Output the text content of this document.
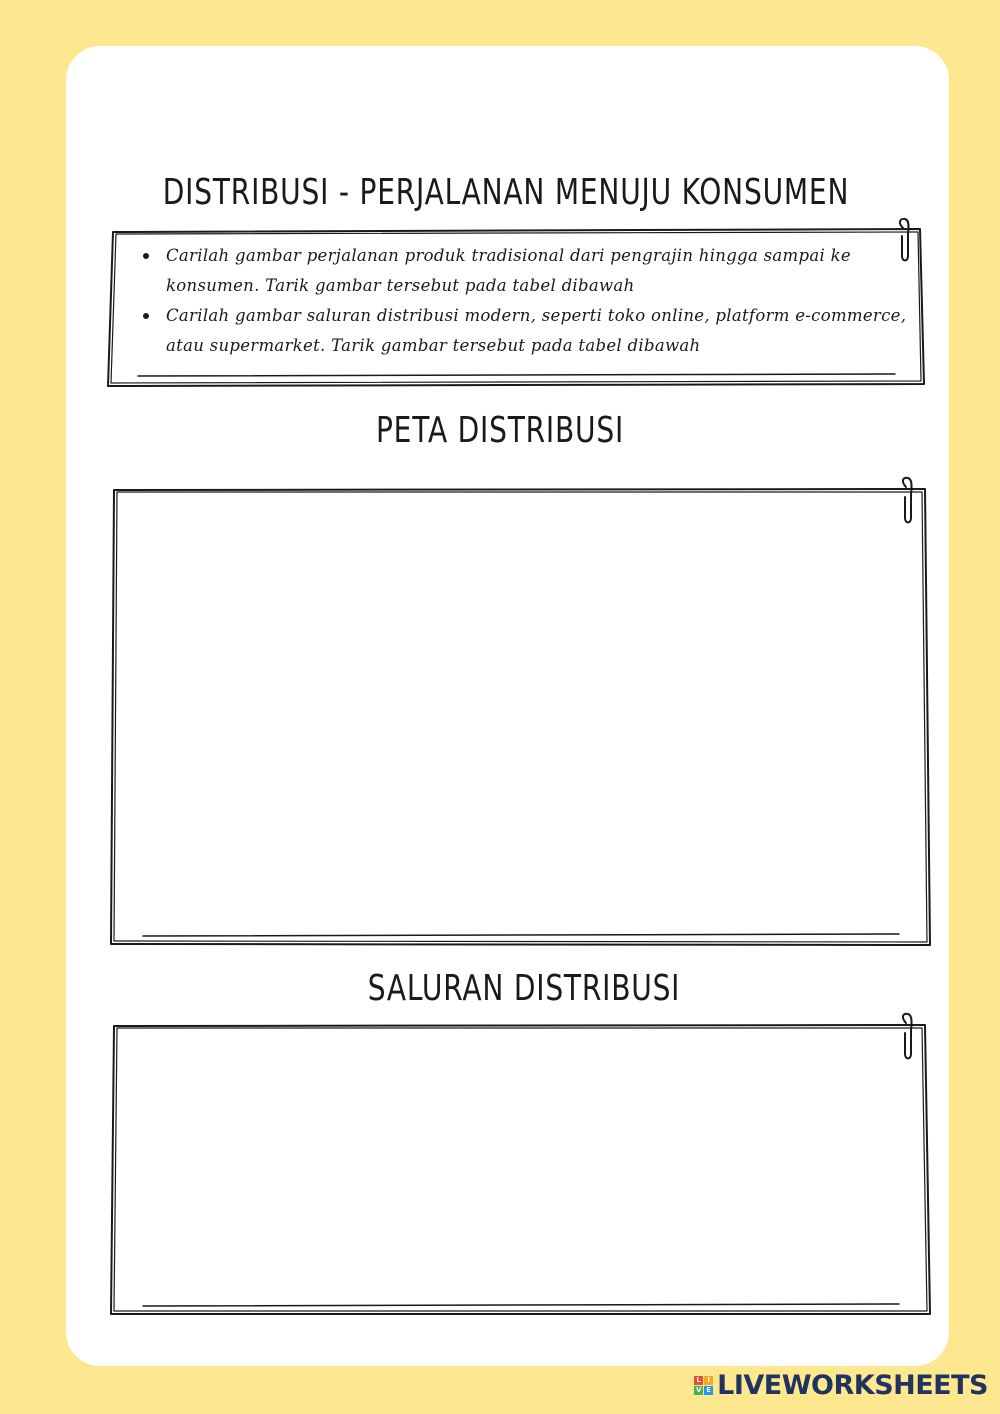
DISTRIBUSI - PERJALANAN MENUJU KONSUMEN
Carilah gambar perjalanan produk tradisional dari pengrajin hingga sampai ke konsumen. Tarik gambar tersebut pada tabel dibawah
Carilah gambar saluran distribusi modern, seperti toko online, platform e-commerce, atau supermarket. Tarik gambar tersebut pada tabel dibawah
PETA DISTRIBUSI
SALURAN DISTRIBUSI
L I
V E LIVEWORKSHEETS
